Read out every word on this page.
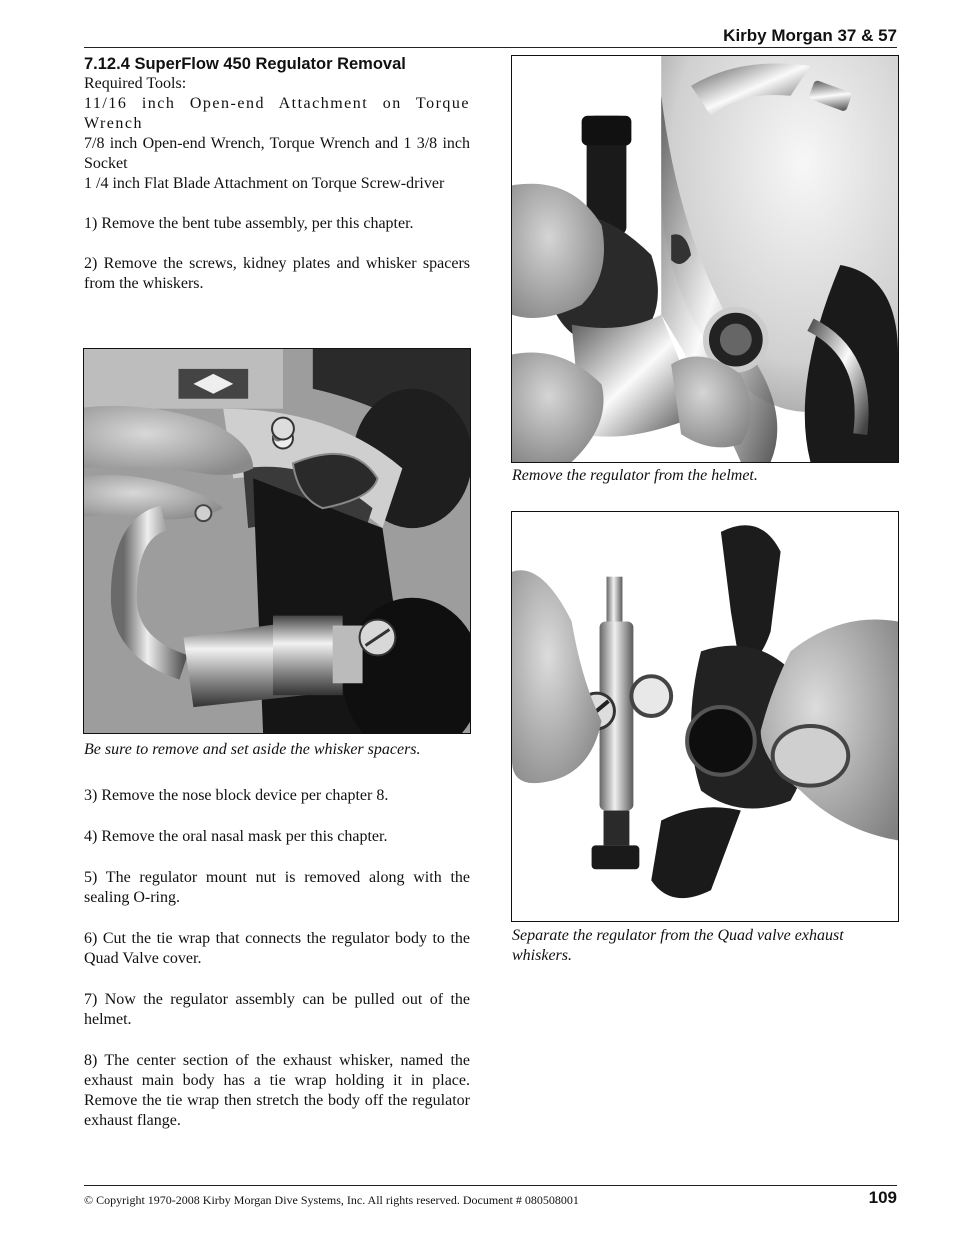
Kirby Morgan 37 & 57
7.12.4 SuperFlow 450 Regulator Removal

Required Tools:

11/16 inch Open-end Attachment on Torque Wrench

7/8 inch Open-end Wrench, Torque Wrench and 1 3/8 inch Socket

1 /4 inch Flat Blade Attachment on Torque Screw-driver

1) Remove the bent tube assembly, per this chapter.

2) Remove the screws, kidney plates and whisker spacers from the whiskers.

Be sure to remove and set aside the whisker spacers.

3) Remove the nose block device per chapter 8.

4) Remove the oral nasal mask per this chapter.

5) The regulator mount nut is removed along with the sealing O-ring.

6) Cut the tie wrap that connects the regulator body to the Quad Valve cover.

7) Now the regulator assembly can be pulled out of the helmet.

8) The center section of the exhaust whisker, named the exhaust main body has a tie wrap holding it in place. Remove the tie wrap then stretch the body off the regulator exhaust flange.

Remove the regulator from the helmet.
Separate the regulator from the Quad valve exhaust whiskers.
© Copyright 1970-2008 Kirby Morgan Dive Systems, Inc. All rights reserved. Document # 080508001	109
